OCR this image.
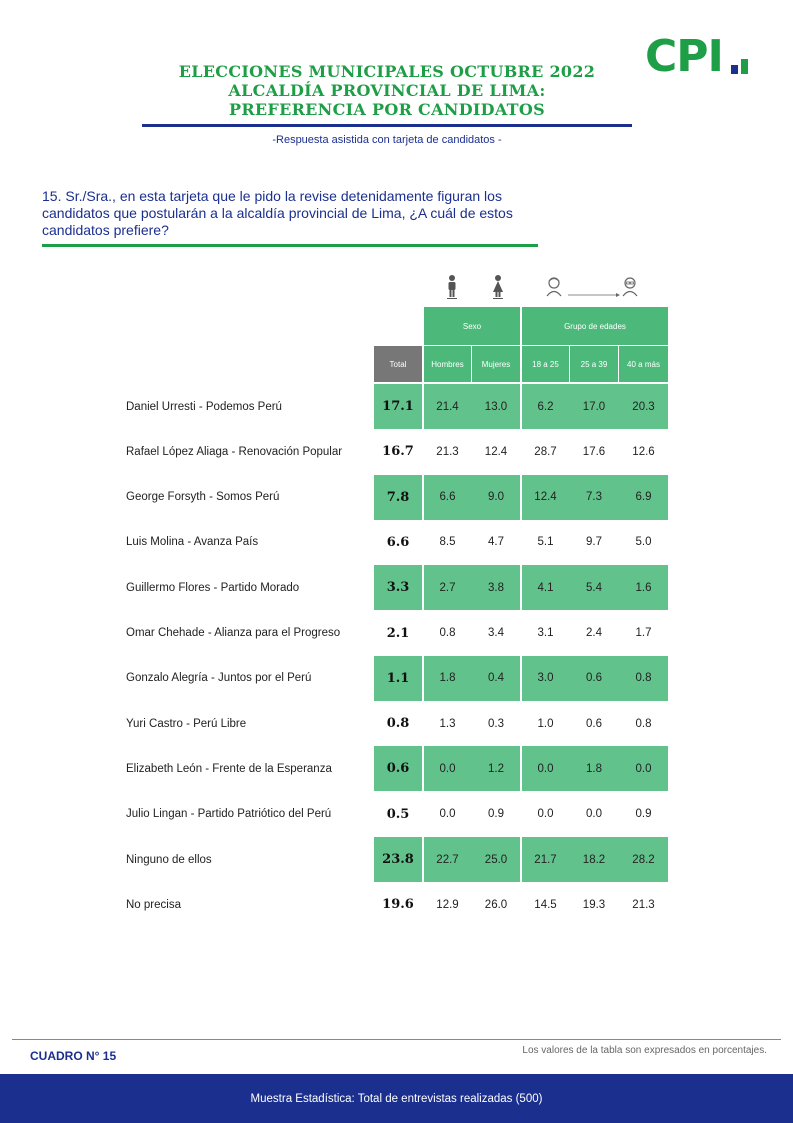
ELECCIONES MUNICIPALES OCTUBRE 2022
ALCALDÍA PROVINCIAL DE LIMA:
PREFERENCIA POR CANDIDATOS
-Respuesta asistida con tarjeta de candidatos -
CPI
15. Sr./Sra., en esta tarjeta que le pido la revise detenidamente figuran los candidatos que postularán a la alcaldía provincial de Lima, ¿A cuál de estos candidatos prefiere?
Sexo	Grupo de edades
Total	Hombres	Mujeres	18 a 25	25 a 39	40 a más
Daniel Urresti - Podemos Perú	17.1	21.4	13.0	6.2	17.0	20.3
Rafael López Aliaga - Renovación Popular	16.7	21.3	12.4	28.7	17.6	12.6
George Forsyth - Somos Perú	7.8	6.6	9.0	12.4	7.3	6.9
Luis Molina - Avanza País	6.6	8.5	4.7	5.1	9.7	5.0
Guillermo Flores - Partido Morado	3.3	2.7	3.8	4.1	5.4	1.6
Omar Chehade - Alianza para el Progreso	2.1	0.8	3.4	3.1	2.4	1.7
Gonzalo Alegría - Juntos por el Perú	1.1	1.8	0.4	3.0	0.6	0.8
Yuri Castro - Perú Libre	0.8	1.3	0.3	1.0	0.6	0.8
Elizabeth León - Frente de la Esperanza	0.6	0.0	1.2	0.0	1.8	0.0
Julio Lingan - Partido Patriótico del Perú	0.5	0.0	0.9	0.0	0.0	0.9
Ninguno de ellos	23.8	22.7	25.0	21.7	18.2	28.2
No precisa	19.6	12.9	26.0	14.5	19.3	21.3
CUADRO N° 15	Los valores de la tabla son expresados en porcentajes.
Muestra Estadística: Total de entrevistas realizadas (500)
